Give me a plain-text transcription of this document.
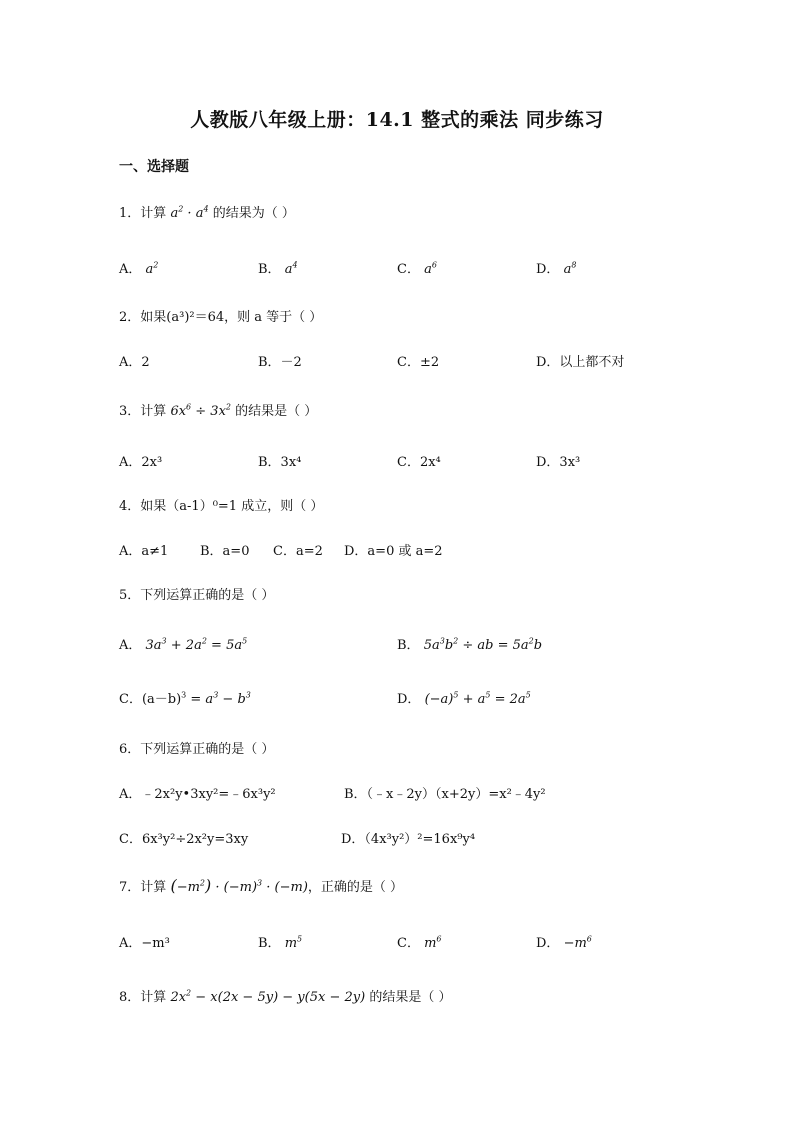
人教版八年级上册：14.1 整式的乘法 同步练习
一、选择题
1．计算 $a^2 \cdot a^4$ 的结果为（ ）
A． $a^2$	B． $a^4$	C． $a^6$	D． $a^8$
2．如果(a³)²＝64，则 a 等于（ ）
A．2	B．－2	C．±2	D．以上都不对
3．计算 $6x^6 \div 3x^2$ 的结果是（ ）
A．2x³	B．3x⁴	C．2x⁴	D．3x³
4．如果（a-1）⁰=1 成立，则（ ）
A．a≠1 B．a=0 C．a=2 D．a=0 或 a=2
5．下列运算正确的是（ ）
A． $3a^3 + 2a^2 = 5a^5$	B． $5a^3b^2$ ÷ ab = $5a^2b$
C．$(a-b)^3 = a^3 - b^3$	D． $(-a)^5 + a^5 = 2a^5$
6．下列运算正确的是（ ）
A．﹣2x²y•3xy²=﹣6x³y²	B．（﹣x﹣2y）（x+2y）=x²﹣4y²
C．6x³y²÷2x²y=3xy	D．（4x³y²）²=16x⁹y⁴
7．计算 $(-m^2) \cdot (-m)^3 \cdot (-m)$，正确的是（ ）
A．−m³	B． $m^5$	C． $m^6$	D． $-m^6$
8．计算 $2x^2 - x(2x - 5y) - y(5x - 2y)$ 的结果是（ ）
